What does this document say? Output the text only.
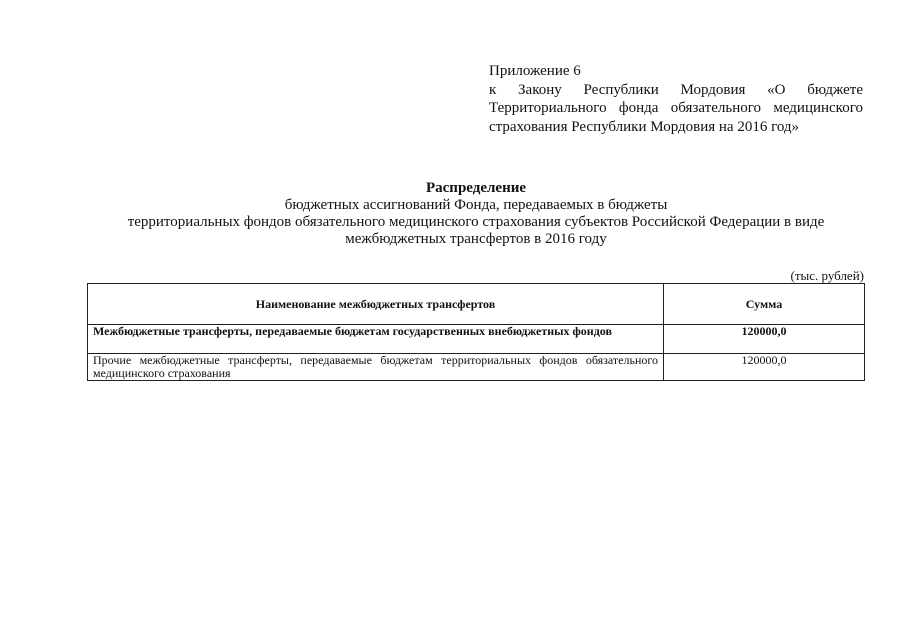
Приложение 6
к Закону Республики Мордовия «О бюджете
Территориального фонда обязательного медицинского
страхования Республики Мордовия на 2016 год»
Распределение
бюджетных ассигнований Фонда, передаваемых в бюджеты
территориальных фондов обязательного медицинского страхования субъектов Российской Федерации в виде
межбюджетных трансфертов в 2016 году
(тыс. рублей)
Наименование межбюджетных трансфертов	Сумма
Межбюджетные трансферты, передаваемые бюджетам государственных внебюджетных фондов	120000,0
Прочие межбюджетные трансферты, передаваемые бюджетам территориальных фондов обязательного медицинского страхования	120000,0
